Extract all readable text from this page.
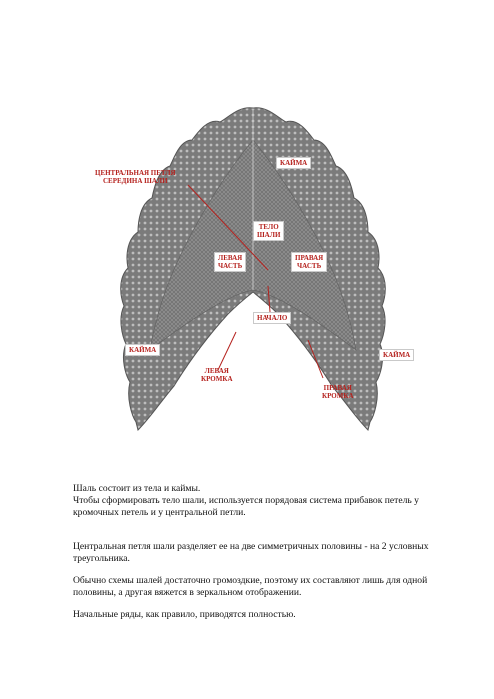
ЦЕНТРАЛЬНАЯ ПЕТЛЯ
СЕРЕДИНА ШАЛИ
КАЙМА
ТЕЛО
ШАЛИ
ЛЕВАЯ
ЧАСТЬ
ПРАВАЯ
ЧАСТЬ
НАЧАЛО
КАЙМА
КАЙМА
ЛЕВАЯ
КРОМКА
ПРАВАЯ
КРОМКА

Шаль состоит из тела и каймы.

Чтобы сформировать тело шали, используется порядовая система прибавок петель у

кромочных петель и у центральной петли.

Центральная петля шали разделяет ее на две симметричных половины - на 2 условных

треугольника.

Обычно схемы шалей достаточно громоздкие, поэтому их составляют лишь для одной

половины, а другая вяжется в зеркальном отображении.

Начальные ряды, как правило, приводятся полностью.
